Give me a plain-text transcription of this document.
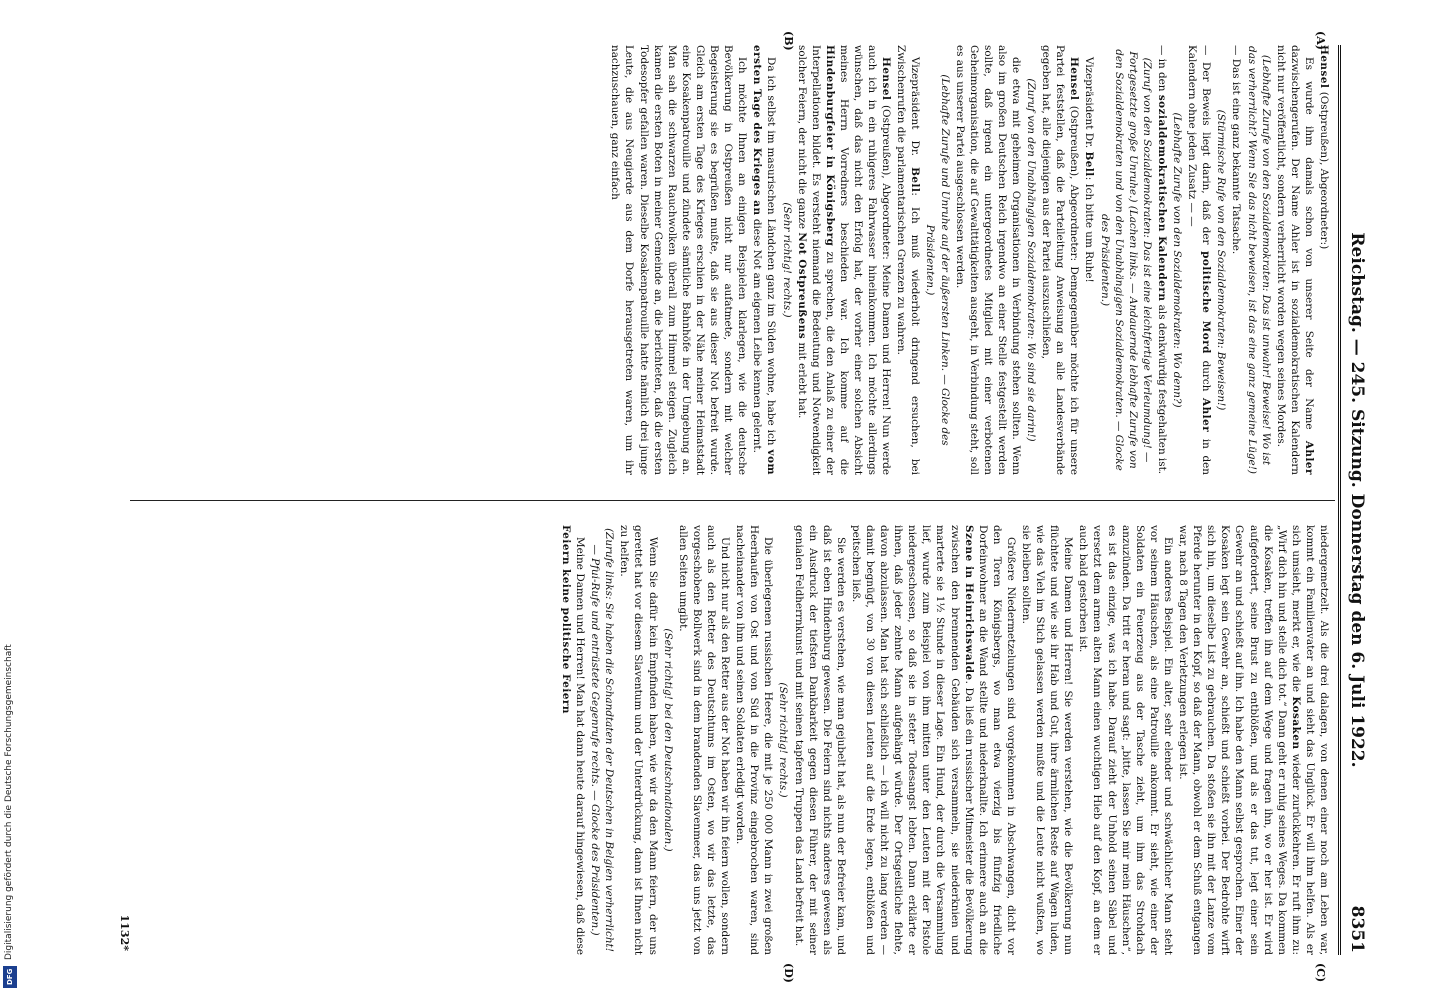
Digitalisierung gefördert durch die Deutsche Forschungsgemeinschaft
DFG
Reichstag. — 245. Sitzung. Donnerstag den 6. Juli 1922.
8351
(A)
(B)
(C)
(D)

Hensel (Ostpreußen), Abgeordneter:)

Es wurde ihm damals schon von unserer Seite der Name Ahler dazwischengerufen. Der Name Ahler ist in sozialdemokratischen Kalendern nicht nur veröffentlicht, sondern verherrlicht worden wegen seines Mordes.

(Lebhafte Zurufe von den Sozialdemokraten: Das ist unwahr! Beweise! Wo ist das verherrlicht? Wenn Sie das nicht beweisen, ist das eine ganz gemeine Lüge!)

— Das ist eine ganz bekannte Tatsache.

(Stürmische Rufe von den Sozialdemokraten: Beweisen!)

— Der Beweis liegt darin, daß der politische Mord durch Ahler in den Kalendern ohne jeden Zusatz — —

(Lebhafte Zurufe von den Sozialdemokraten: Wo denn?)

— in den sozialdemokratischen Kalendern als denkwürdig festgehalten ist.

(Zuruf von den Sozialdemokraten: Das ist eine leichtfertige Verleumdung! — Fortgesetzte große Unruhe.) (Lachen links. — Andauernde lebhafte Zurufe von den Sozialdemokraten und von den Unabhängigen Sozialdemokraten. — Glocke des Präsidenten.)

Vizepräsident Dr. Bell: Ich bitte um Ruhe!

Hensel (Ostpreußen), Abgeordneter: Demgegenüber möchte ich für unsere Partei feststellen, daß die Parteileitung Anweisung an alle Landesverbände gegeben hat, alle diejenigen aus der Partei auszuschließen,

(Zuruf von den Unabhängigen Sozialdemokraten: Wo sind sie darin!)

die etwa mit geheimen Organisationen in Verbindung stehen sollten. Wenn also im großen Deutschen Reich irgendwo an einer Stelle festgestellt werden sollte, daß irgend ein untergeordnetes Mitglied mit einer verbotenen Geheimorganisation, die auf Gewalttätigkeiten ausgeht, in Verbindung steht, soll es aus unserer Partei ausgeschlossen werden.

(Lebhafte Zurufe und Unruhe auf der äußersten Linken. — Glocke des Präsidenten.)

Vizepräsident Dr. Bell: Ich muß wiederholt dringend ersuchen, bei Zwischenrufen die parlamentarischen Grenzen zu wahren.

Hensel (Ostpreußen), Abgeordneter: Meine Damen und Herren! Nun werde auch ich in ein ruhigeres Fahrwasser hineinkommen. Ich möchte allerdings wünschen, daß das nicht den Erfolg hat, der vorher einer solchen Absicht meines Herrn Vorredners beschieden war. Ich komme auf die Hindenburgfeier in Königsberg zu sprechen, die den Anlaß zu einer der Interpellationen bildet. Es versteht niemand die Bedeutung und Notwendigkeit solcher Feiern, der nicht die ganze Not Ostpreußens mit erlebt hat.

(Sehr richtig! rechts.)

Da ich selbst im masurischen Ländchen ganz im Süden wohne, habe ich vom ersten Tage des Krieges an diese Not am eigenen Leibe kennen gelernt.

Ich möchte Ihnen an einigen Beispielen klarlegen, wie die deutsche Bevölkerung in Ostpreußen nicht nur aufatmete, sondern mit welcher Begeisterung sie es begrüßen mußte, daß sie aus dieser Not befreit wurde. Gleich am ersten Tage des Krieges erschien in der Nähe meiner Heimatstadt eine Kosakenpatrouille und zündete sämtliche Bahnhöfe in der Umgebung an. Man sah die schwarzen Rauchwolken überall zum Himmel steigen. Zugleich kamen die ersten Boten in meiner Gemeinde an, die berichteten, daß die ersten Todesopfer gefallen waren. Dieselbe Kosakenpatrouille hatte nämlich drei junge Leute, die aus Neugierde aus dem Dorfe herausgetreten waren, um ihr nachzuschauen, ganz einfach

niedergemetzelt. Als die drei dalagen, von denen einer noch am Leben war, kommt ein Familienvater an und sieht das Unglück. Er will ihm helfen. Als er sich umsieht, merkt er, wie die Kosaken wieder zurückkehren. Er ruft ihm zu: „Wirf dich hin und stelle dich tot.“ Dann geht er ruhig seines Weges. Da kommen die Kosaken, treffen ihn auf dem Wege und fragen ihn, wo er her ist. Er wird aufgefordert, seine Brust zu entblößen, und als er das tut, legt einer sein Gewehr an und schießt auf ihn. Ich habe den Mann selbst gesprochen. Einer der Kosaken legt sein Gewehr an, schießt und schießt vorbei. Der Bedrohte wirft sich hin, um dieselbe List zu gebrauchen. Da stoßen sie ihn mit der Lanze vom Pferde herunter in den Kopf, so daß der Mann, obwohl er dem Schuß entgangen war, nach 8 Tagen den Verletzungen erlegen ist.

Ein anderes Beispiel. Ein alter, sehr elender und schwächlicher Mann steht vor seinem Häuschen, als eine Patrouille ankommt. Er sieht, wie einer der Soldaten ein Feuerzeug aus der Tasche zieht, um ihm das Strohdach anzuzünden. Da tritt er heran und sagt: „bitte, lassen Sie mir mein Häuschen“, es ist das einzige, was ich habe. Darauf zieht der Unhold seinen Säbel und versetzt dem armen alten Mann einen wuchtigen Hieb auf den Kopf, an dem er auch bald gestorben ist.

Meine Damen und Herren! Sie werden verstehen, wie die Bevölkerung nun flüchtete und wie sie ihr Hab und Gut, ihre ärmlichen Reste auf Wagen luden, wie das Vieh im Stich gelassen werden mußte und die Leute nicht wußten, wo sie bleiben sollten.

Größere Niedermetzelungen sind vorgekommen in Abschwangen, dicht vor den Toren Königsbergs, wo man etwa vierzig bis fünfzig friedliche Dorfeinwohner an die Wand stellte und niederknallte. Ich erinnere auch an die Szene in Heinrichswalde. Da ließ ein russischer Mitmeister die Bevölkerung zwischen den brennenden Gebäuden sich versammeln, sie niederknien und marterte sie 1½ Stunde in dieser Lage. Ein Hund, der durch die Versammlung lief, wurde zum Beispiel von ihm mitten unter den Leuten mit der Pistole niedergeschossen, so daß sie in steter Todesangst lebten. Dann erklärte er ihnen, daß jeder zehnte Mann aufgehängt würde. Der Ortsgeistliche flehte, davon abzulassen. Man hat sich schließlich — ich will nicht zu lang werden — damit begnügt, von 30 von diesen Leuten auf die Erde legen, entblößen und peitschen ließ.

Sie werden es verstehen, wie man gejubelt hat, als nun der Befreier kam, und daß ist eben Hindenburg gewesen. Die Feiern sind nichts anderes gewesen als ein Ausdruck der tiefsten Dankbarkeit gegen diesen Führer, der mit seiner genialen Feldherrnkunst und mit seinen tapferen Truppen das Land befreit hat.

(Sehr richtig! rechts.)

Die überlegenen russischen Heere, die mit je 250 000 Mann in zwei großen Heerhaufen von Ost und von Süd in die Provinz eingebrochen waren, sind nacheinander von ihm und seinen Soldaten erledigt worden.

Und nicht nur als den Retter aus der Not haben wir ihn feiern wollen, sondern auch als den Retter des Deutschtums im Osten, wo wir das letzte, das vorgeschobene Bollwerk sind in dem brandenden Slavenmeer, das uns jetzt von allen Seiten umgibt.

(Sehr richtig! bei den Deutschnationalen.)

Wenn Sie dafür kein Empfinden haben, wie wir da den Mann feiern, der uns gerettet hat vor diesem Slaventum und der Unterdrückung, dann ist Ihnen nicht zu helfen.

(Zurufe links: Sie haben die Schandtaten der Deutschen in Belgien verherrlicht! — Pfui-Rufe und entrüstete Gegenrufe rechts. — Glocke des Präsidenten.)

Meine Damen und Herren! Man hat dann heute darauf hingewiesen, daß diese Feiern keine politische Feiern

1132*
